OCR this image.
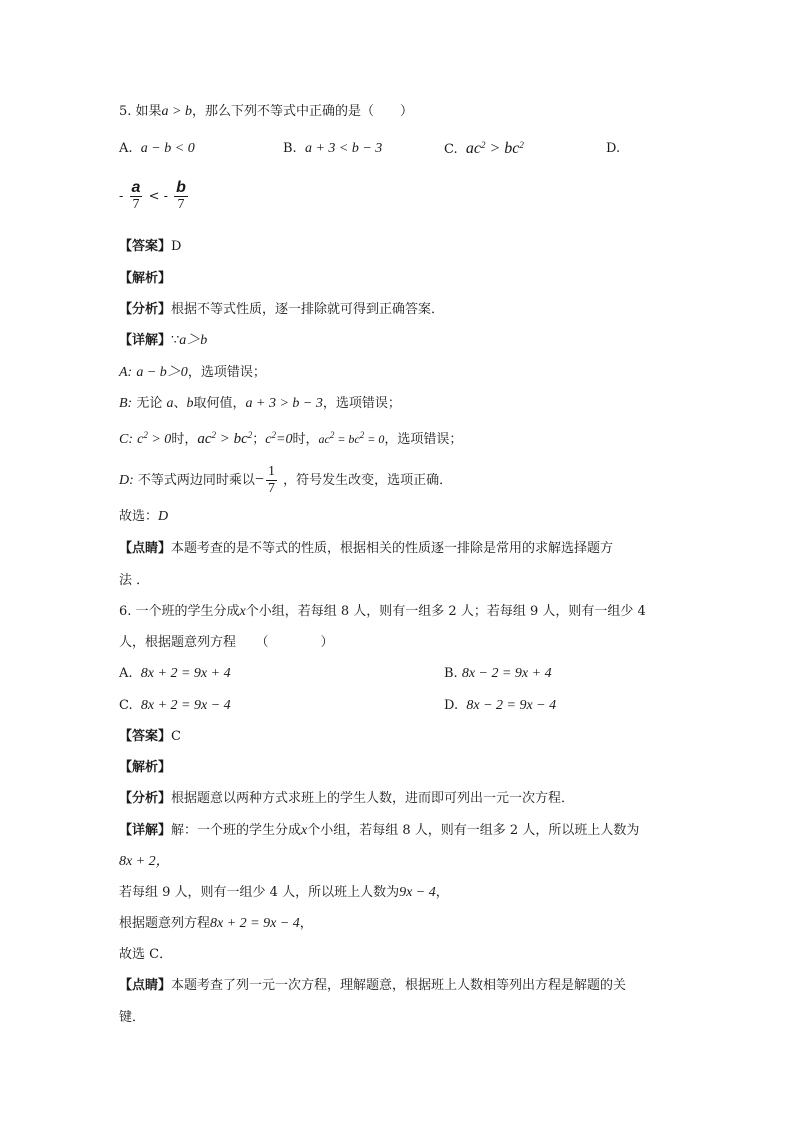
5. 如果a > b，那么下列不等式中正确的是（　　）
A. a − b < 0	B. a + 3 < b − 3	C. $ac^2 > bc^2$	D.
- $\frac{a}{7}$ < - $\frac{b}{7}$
【答案】D
【解析】
【分析】根据不等式性质，逐一排除就可得到正确答案．
【详解】∵a＞b
A: a − b＞0，选项错误；
B: 无论 a、b取何值，a + 3 > b − 3，选项错误；
C: $c^2 > 0$时，$ac^2 > bc^2$；$c^2=0$时，$ac^2 = bc^2 = 0$，选项错误；
D: 不等式两边同时乘以− $\frac{1}{7}$ ，符号发生改变，选项正确．
故选：D
【点睛】本题考查的是不等式的性质，根据相关的性质逐一排除是常用的求解选择题方
法 ．
6. 一个班的学生分成x个小组，若每组 8 人，则有一组多 2 人；若每组 9 人，则有一组少 4
人，根据题意列方程　　（　　　　）
A. 8x + 2 = 9x + 4	B. 8x − 2 = 9x + 4
C. 8x + 2 = 9x − 4	D. 8x − 2 = 9x − 4
【答案】C
【解析】
【分析】根据题意以两种方式求班上的学生人数，进而即可列出一元一次方程．
【详解】解：一个班的学生分成x个小组，若每组 8 人，则有一组多 2 人，所以班上人数为
8x + 2，
若每组 9 人，则有一组少 4 人，所以班上人数为9x − 4，
根据题意列方程8x + 2 = 9x − 4，
故选 C．
【点睛】本题考查了列一元一次方程，理解题意，根据班上人数相等列出方程是解题的关
键．
